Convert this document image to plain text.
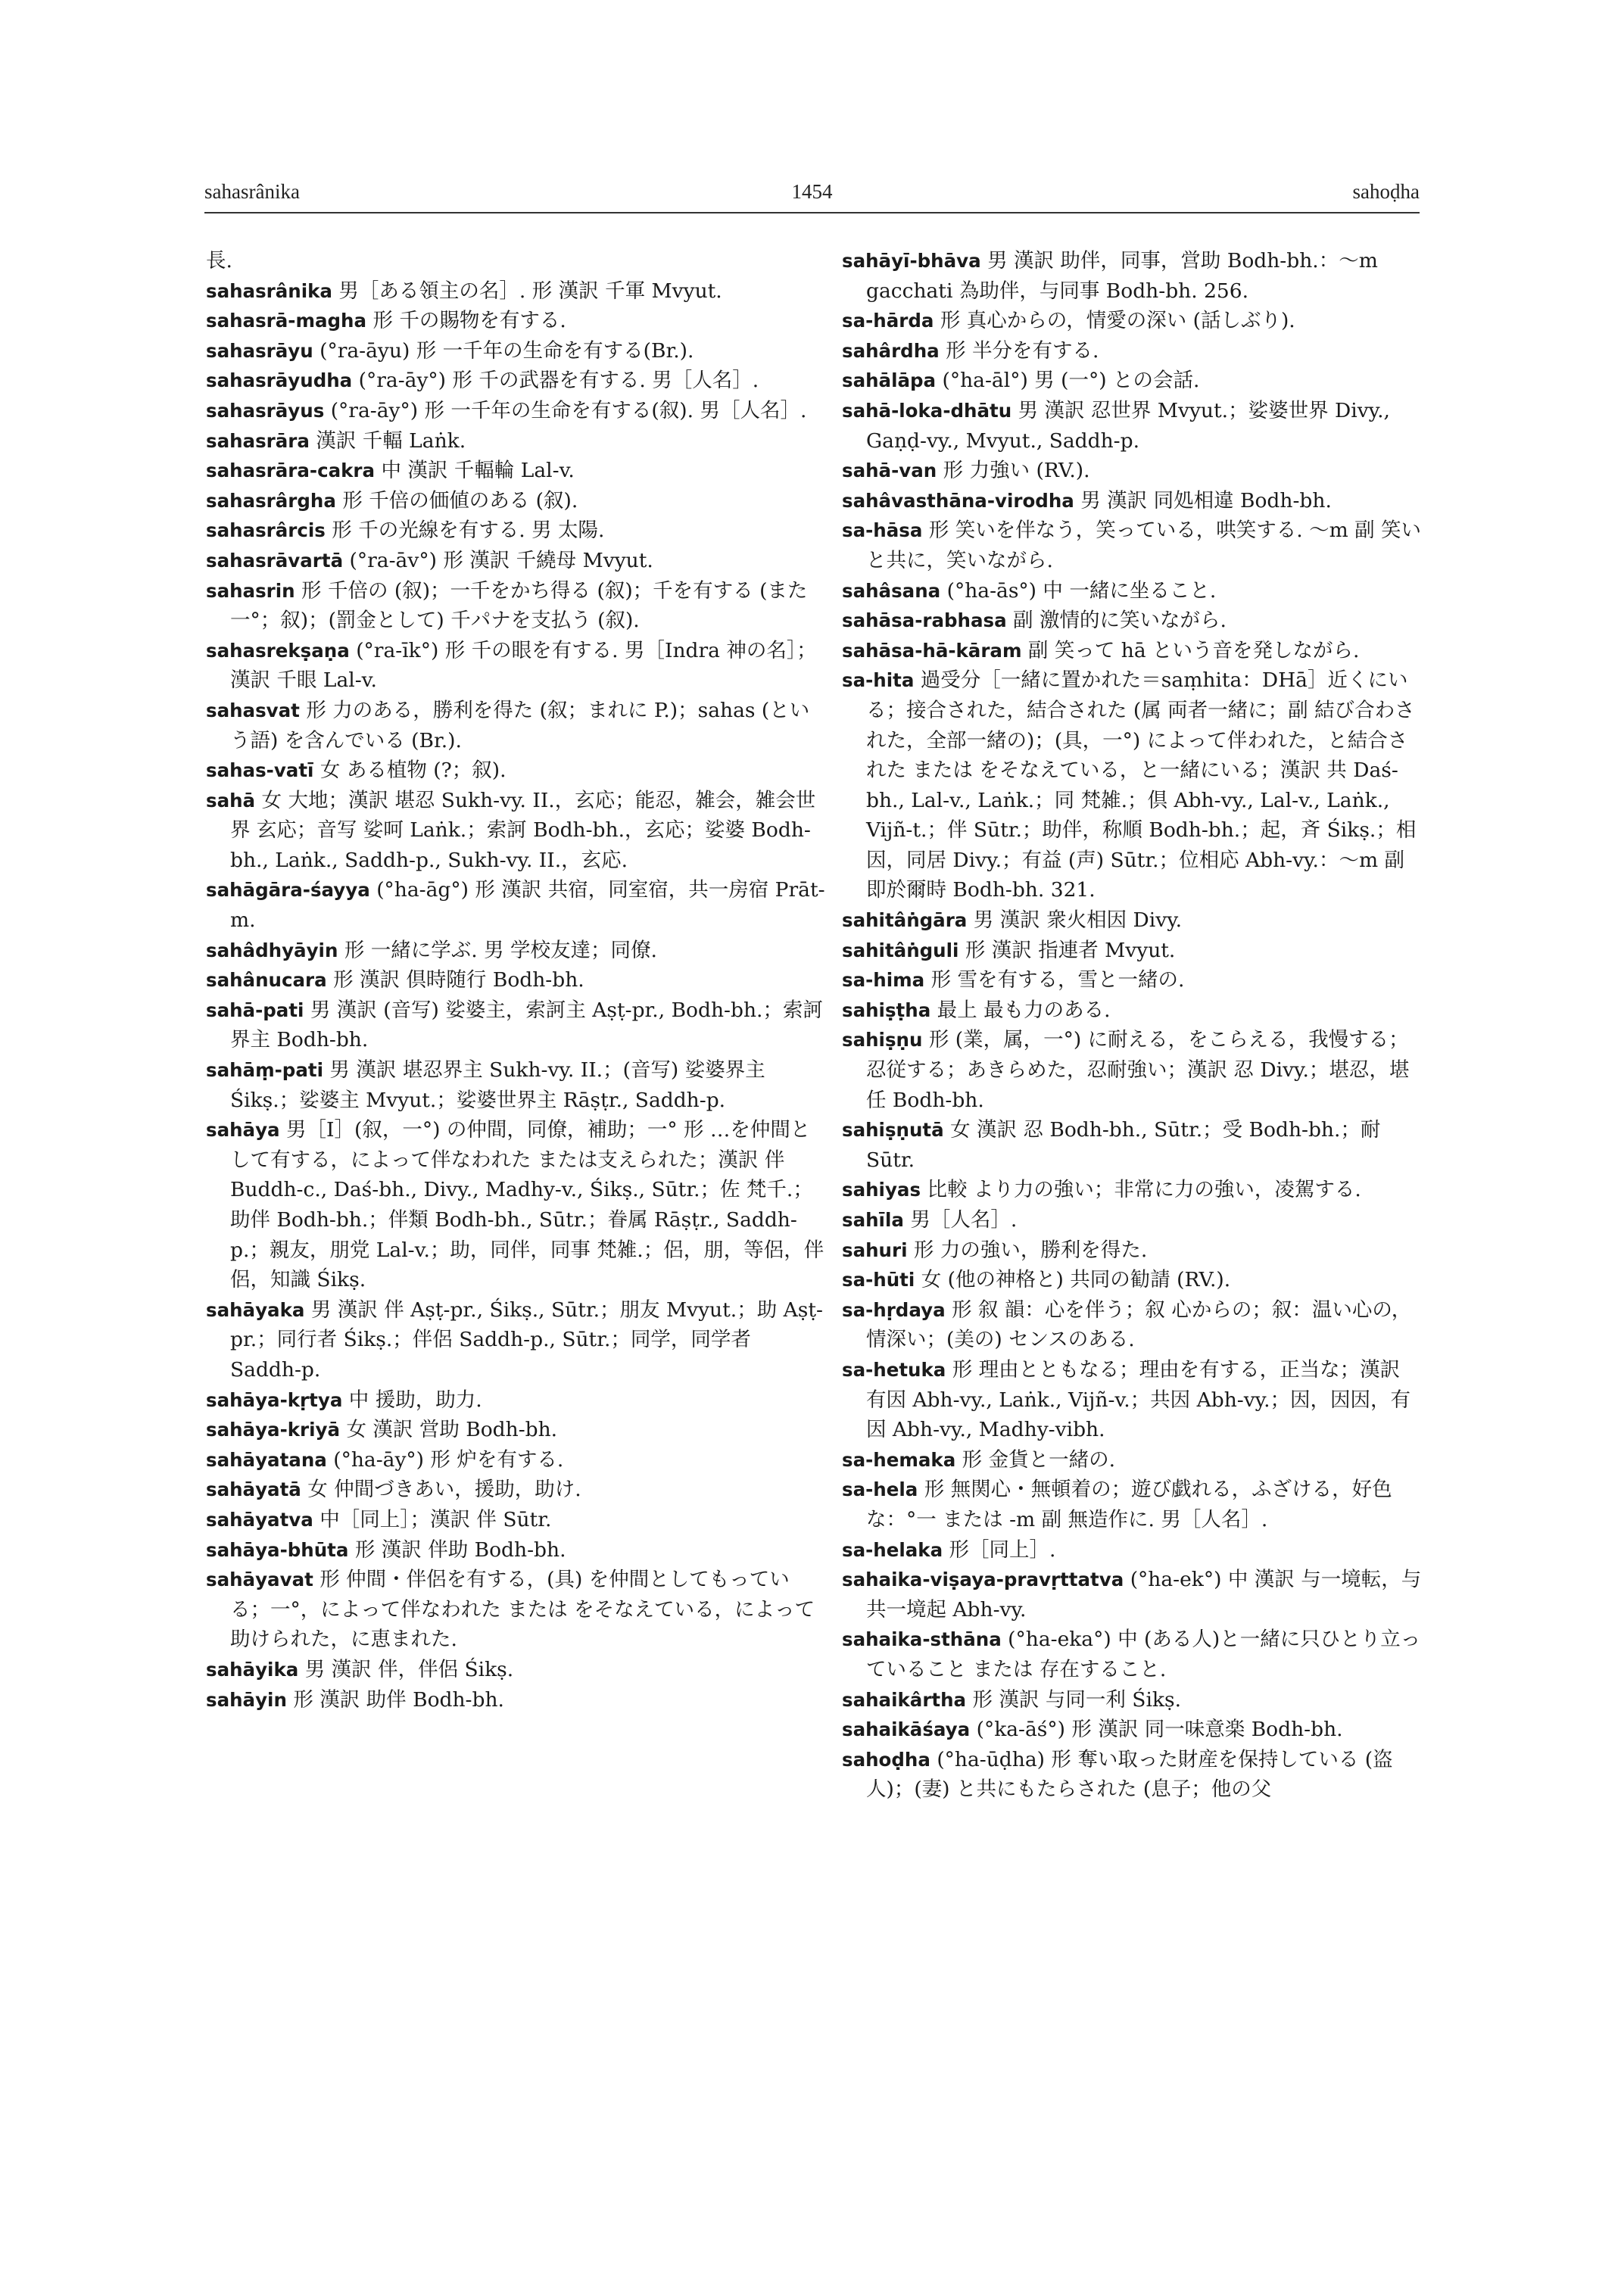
sahasrânika	1454	sahoḍha

長.

sahasrânika 男［ある領主の名］. 形 漢訳 千軍 Mvyut.

sahasrā-magha 形 千の賜物を有する.

sahasrāyu (°ra-āyu) 形 一千年の生命を有する(Br.).

sahasrāyudha (°ra-āy°) 形 千の武器を有する. 男［人名］.

sahasrāyus (°ra-āy°) 形 一千年の生命を有する(叙). 男［人名］.

sahasrāra 漢訳 千輻 Laṅk.

sahasrāra-cakra 中 漢訳 千輻輪 Lal-v.

sahasrârgha 形 千倍の価値のある (叙).

sahasrârcis 形 千の光線を有する. 男 太陽.

sahasrāvartā (°ra-āv°) 形 漢訳 千繞母 Mvyut.

sahasrin 形 千倍の (叙)；一千をかち得る (叙)；千を有する (また 一°；叙)；(罰金として) 千パナを支払う (叙).

sahasrekṣaṇa (°ra-īk°) 形 千の眼を有する. 男［Indra 神の名］；漢訳 千眼 Lal-v.

sahasvat 形 力のある，勝利を得た (叙；まれに P.)；sahas (という語) を含んでいる (Br.).

sahas-vatī 女 ある植物 (?；叙).

sahā 女 大地；漢訳 堪忍 Sukh-vy. II.，玄応；能忍，雑会，雑会世界 玄応；音写 娑呵 Laṅk.；索訶 Bodh-bh.，玄応；娑婆 Bodh-bh., Laṅk., Saddh-p., Sukh-vy. II.，玄応.

sahāgāra-śayya (°ha-āg°) 形 漢訳 共宿，同室宿，共一房宿 Prāt-m.

sahâdhyāyin 形 一緒に学ぶ. 男 学校友達；同僚.

sahânucara 形 漢訳 倶時随行 Bodh-bh.

sahā-pati 男 漢訳 (音写) 娑婆主，索訶主 Aṣṭ-pr., Bodh-bh.；索訶界主 Bodh-bh.

sahāṃ-pati 男 漢訳 堪忍界主 Sukh-vy. II.；(音写) 娑婆界主 Śikṣ.；娑婆主 Mvyut.；娑婆世界主 Rāṣṭr., Saddh-p.

sahāya 男［I］(叙，一°) の仲間，同僚，補助；一° 形 …を仲間として有する，によって伴なわれた または支えられた；漢訳 伴 Buddh-c., Daś-bh., Divy., Madhy-v., Śikṣ., Sūtr.；佐 梵千.；助伴 Bodh-bh.；伴類 Bodh-bh., Sūtr.；眷属 Rāṣṭr., Saddh-p.；親友，朋党 Lal-v.；助，同伴，同事 梵雑.；侶，朋，等侶，伴侶，知識 Śikṣ.

sahāyaka 男 漢訳 伴 Aṣṭ-pr., Śikṣ., Sūtr.；朋友 Mvyut.；助 Aṣṭ-pr.；同行者 Śikṣ.；伴侶 Saddh-p., Sūtr.；同学，同学者 Saddh-p.

sahāya-kṛtya 中 援助，助力.

sahāya-kriyā 女 漢訳 営助 Bodh-bh.

sahāyatana (°ha-āy°) 形 炉を有する.

sahāyatā 女 仲間づきあい，援助，助け.

sahāyatva 中［同上］；漢訳 伴 Sūtr.

sahāya-bhūta 形 漢訳 伴助 Bodh-bh.

sahāyavat 形 仲間・伴侶を有する，(具) を仲間としてもっている；一°，によって伴なわれた または をそなえている，によって助けられた，に恵まれた.

sahāyika 男 漢訳 伴，伴侶 Śikṣ.

sahāyin 形 漢訳 助伴 Bodh-bh.

sahāyī-bhāva 男 漢訳 助伴，同事，営助 Bodh-bh.：～m gacchati 為助伴，与同事 Bodh-bh. 256.

sa-hārda 形 真心からの，情愛の深い (話しぶり).

sahârdha 形 半分を有する.

sahālāpa (°ha-āl°) 男 (一°) との会話.

sahā-loka-dhātu 男 漢訳 忍世界 Mvyut.；娑婆世界 Divy., Gaṇḍ-vy., Mvyut., Saddh-p.

sahā-van 形 力強い (RV.).

sahâvasthāna-virodha 男 漢訳 同処相違 Bodh-bh.

sa-hāsa 形 笑いを伴なう，笑っている，哄笑する. ～m 副 笑いと共に，笑いながら.

sahâsana (°ha-ās°) 中 一緒に坐ること.

sahāsa-rabhasa 副 激情的に笑いながら.

sahāsa-hā-kāram 副 笑って hā という音を発しながら.

sa-hita 過受分［一緒に置かれた＝saṃhita：DHā］近くにいる；接合された，結合された (属 両者一緒に；副 結び合わされた，全部一緒の)；(具，一°) によって伴われた，と結合された または をそなえている，と一緒にいる；漢訳 共 Daś-bh., Lal-v., Laṅk.；同 梵雑.；倶 Abh-vy., Lal-v., Laṅk., Vijñ-t.；伴 Sūtr.；助伴，称順 Bodh-bh.；起，斉 Śikṣ.；相因，同居 Divy.；有益 (声) Sūtr.；位相応 Abh-vy.：～m 副 即於爾時 Bodh-bh. 321.

sahitâṅgāra 男 漢訳 衆火相因 Divy.

sahitâṅguli 形 漢訳 指連者 Mvyut.

sa-hima 形 雪を有する，雪と一緒の.

sahiṣṭha 最上 最も力のある.

sahiṣṇu 形 (業，属，一°) に耐える，をこらえる，我慢する；忍従する；あきらめた，忍耐強い；漢訳 忍 Divy.；堪忍，堪任 Bodh-bh.

sahiṣṇutā 女 漢訳 忍 Bodh-bh., Sūtr.；受 Bodh-bh.；耐 Sūtr.

sahiyas 比較 より力の強い；非常に力の強い，凌駕する.

sahīla 男［人名］.

sahuri 形 力の強い，勝利を得た.

sa-hūti 女 (他の神格と) 共同の勧請 (RV.).

sa-hṛdaya 形 叙 韻：心を伴う；叙 心からの；叙：温い心の，情深い；(美の) センスのある.

sa-hetuka 形 理由とともなる；理由を有する，正当な；漢訳 有因 Abh-vy., Laṅk., Vijñ-v.；共因 Abh-vy.；因，因因，有因 Abh-vy., Madhy-vibh.

sa-hemaka 形 金貨と一緒の.

sa-hela 形 無関心・無頓着の；遊び戯れる，ふざける，好色な：°一 または -m 副 無造作に. 男［人名］.

sa-helaka 形［同上］.

sahaika-viṣaya-pravṛttatva (°ha-ek°) 中 漢訳 与一境転，与共一境起 Abh-vy.

sahaika-sthāna (°ha-eka°) 中 (ある人)と一緒に只ひとり立っていること または 存在すること.

sahaikârtha 形 漢訳 与同一利 Śikṣ.

sahaikāśaya (°ka-āś°) 形 漢訳 同一味意楽 Bodh-bh.

sahoḍha (°ha-ūḍha) 形 奪い取った財産を保持している (盗人)；(妻) と共にもたらされた (息子；他の父
